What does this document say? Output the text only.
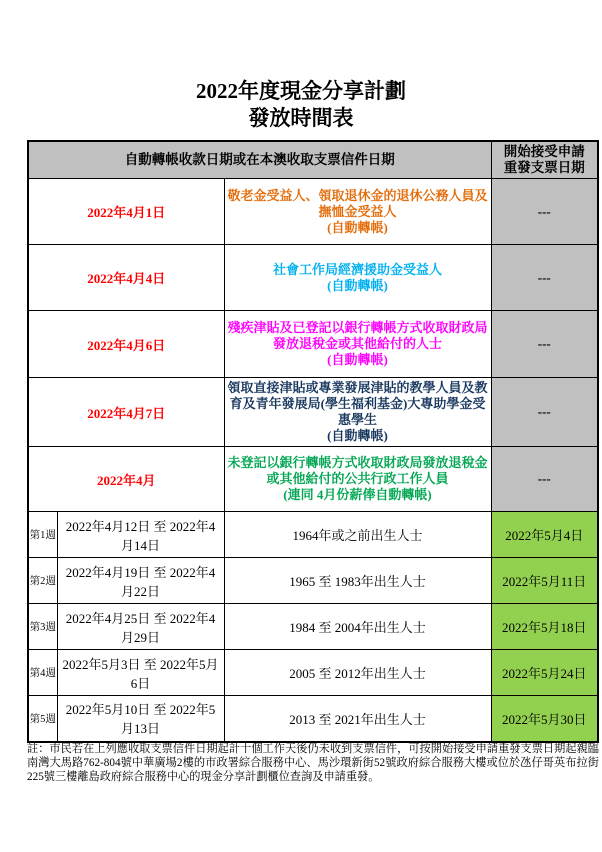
2022年度現金分享計劃
發放時間表
自動轉帳收款日期或在本澳收取支票信件日期			開始接受申請
重發支票日期

2022年4月1日		敬老金受益人、領取退休金的退休公務人員及撫恤金受益人
(自動轉帳)	---
2022年4月4日		社會工作局經濟援助金受益人
(自動轉帳)	---
2022年4月6日		殘疾津貼及已登記以銀行轉帳方式收取財政局發放退稅金或其他給付的人士
(自動轉帳)	---
2022年4月7日		領取直接津貼或專業發展津貼的教學人員及教育及青年發展局(學生福利基金)大專助學金受惠學生
(自動轉帳)	---
2022年4月		未登記以銀行轉帳方式收取財政局發放退稅金或其他給付的公共行政工作人員
(連同 4月份薪俸自動轉帳)	---
第1週	2022年4月12日 至 2022年4月14日	1964年或之前出生人士	2022年5月4日
第2週	2022年4月19日 至 2022年4月22日	1965 至 1983年出生人士	2022年5月11日
第3週	2022年4月25日 至 2022年4月29日	1984 至 2004年出生人士	2022年5月18日
第4週	2022年5月3日 至 2022年5月6日	2005 至 2012年出生人士	2022年5月24日
第5週	2022年5月10日 至 2022年5月13日	2013 至 2021年出生人士	2022年5月30日
註：市民若在上列應收取支票信件日期起計十個工作天後仍未收到支票信件，可按開始接受申請重發支票日期起親臨南灣大馬路762-804號中華廣場2樓的市政署綜合服務中心、馬沙環新街52號政府綜合服務大樓或位於氹仔哥英布拉街225號三樓離島政府綜合服務中心的現金分享計劃櫃位查詢及申請重發。
